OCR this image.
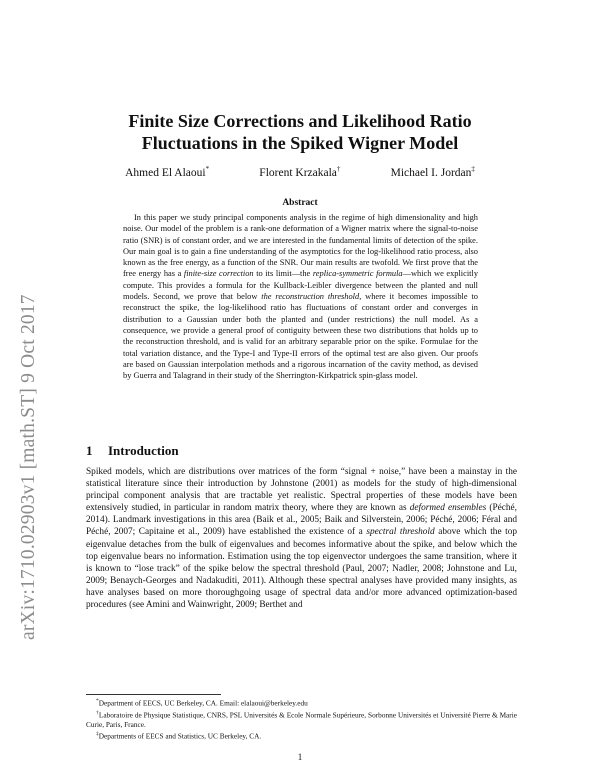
arXiv:1710.02903v1 [math.ST] 9 Oct 2017
Finite Size Corrections and Likelihood Ratio
Fluctuations in the Spiked Wigner Model
Ahmed El Alaoui*	Florent Krzakala†	Michael I. Jordan‡
Abstract
In this paper we study principal components analysis in the regime of high dimensionality and high noise. Our model of the problem is a rank-one deformation of a Wigner matrix where the signal-to-noise ratio (SNR) is of constant order, and we are interested in the fundamental limits of detection of the spike. Our main goal is to gain a fine understanding of the asymptotics for the log-likelihood ratio process, also known as the free energy, as a function of the SNR. Our main results are twofold. We first prove that the free energy has a finite-size correction to its limit—the replica-symmetric formula—which we explicitly compute. This provides a formula for the Kullback-Leibler divergence between the planted and null models. Second, we prove that below the reconstruction threshold, where it becomes impossible to reconstruct the spike, the log-likelihood ratio has fluctuations of constant order and converges in distribution to a Gaussian under both the planted and (under restrictions) the null model. As a consequence, we provide a general proof of contiguity between these two distributions that holds up to the reconstruction threshold, and is valid for an arbitrary separable prior on the spike. Formulae for the total variation distance, and the Type-I and Type-II errors of the optimal test are also given. Our proofs are based on Gaussian interpolation methods and a rigorous incarnation of the cavity method, as devised by Guerra and Talagrand in their study of the Sherrington-Kirkpatrick spin-glass model.
1 Introduction
Spiked models, which are distributions over matrices of the form “signal + noise,” have been a mainstay in the statistical literature since their introduction by Johnstone (2001) as models for the study of high-dimensional principal component analysis that are tractable yet realistic. Spectral properties of these models have been extensively studied, in particular in random matrix theory, where they are known as deformed ensembles (Péché, 2014). Landmark investigations in this area (Baik et al., 2005; Baik and Silverstein, 2006; Péché, 2006; Féral and Péché, 2007; Capitaine et al., 2009) have established the existence of a spectral threshold above which the top eigenvalue detaches from the bulk of eigenvalues and becomes informative about the spike, and below which the top eigenvalue bears no information. Estimation using the top eigenvector undergoes the same transition, where it is known to “lose track” of the spike below the spectral threshold (Paul, 2007; Nadler, 2008; Johnstone and Lu, 2009; Benaych-Georges and Nadakuditi, 2011). Although these spectral analyses have provided many insights, as have analyses based on more thoroughgoing usage of spectral data and/or more advanced optimization-based procedures (see Amini and Wainwright, 2009; Berthet and

*Department of EECS, UC Berkeley, CA. Email: elalaoui@berkeley.edu

†Laboratoire de Physique Statistique, CNRS, PSL Universités & Ecole Normale Supérieure, Sorbonne Universités et Université Pierre & Marie Curie, Paris, France.

‡Departments of EECS and Statistics, UC Berkeley, CA.

1
